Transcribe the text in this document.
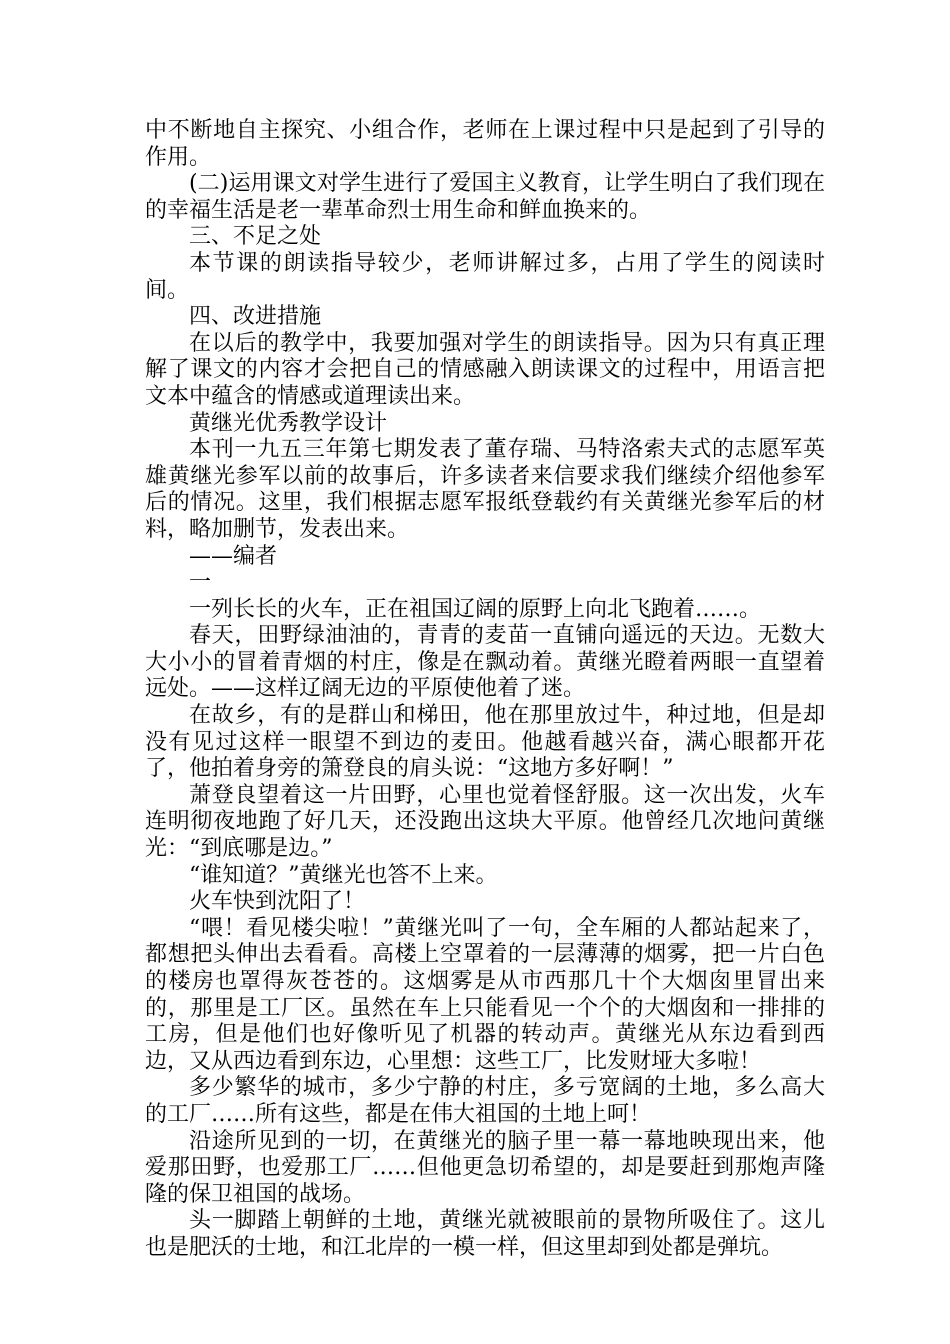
中不断地自主探究、小组合作，老师在上课过程中只是起到了引导的作用。

(二)运用课文对学生进行了爱国主义教育，让学生明白了我们现在的幸福生活是老一辈革命烈士用生命和鲜血换来的。

三、不足之处

本节课的朗读指导较少，老师讲解过多，占用了学生的阅读时间。

四、改进措施

在以后的教学中，我要加强对学生的朗读指导。因为只有真正理解了课文的内容才会把自己的情感融入朗读课文的过程中，用语言把文本中蕴含的情感或道理读出来。

黄继光优秀教学设计

本刊一九五三年第七期发表了董存瑞、马特洛索夫式的志愿军英雄黄继光参军以前的故事后，许多读者来信要求我们继续介绍他参军后的情况。这里，我们根据志愿军报纸登载约有关黄继光参军后的材料，略加删节，发表出来。

——编者

一

一列长长的火车，正在祖国辽阔的原野上向北飞跑着……。

春天，田野绿油油的，青青的麦苗一直铺向遥远的天边。无数大大小小的冒着青烟的村庄，像是在飘动着。黄继光瞪着两眼一直望着远处。——这样辽阔无边的平原使他着了迷。

在故乡，有的是群山和梯田，他在那里放过牛，种过地，但是却没有见过这样一眼望不到边的麦田。他越看越兴奋，满心眼都开花了，他拍着身旁的箫登良的肩头说：“这地方多好啊！”

萧登良望着这一片田野，心里也觉着怪舒服。这一次出发，火车连明彻夜地跑了好几天，还没跑出这块大平原。他曾经几次地问黄继光：“到底哪是边。”

“谁知道？”黄继光也答不上来。

火车快到沈阳了！

“喂！看见楼尖啦！”黄继光叫了一句，全车厢的人都站起来了，都想把头伸出去看看。高楼上空罩着的一层薄薄的烟雾，把一片白色的楼房也罩得灰苍苍的。这烟雾是从市西那几十个大烟囱里冒出来的，那里是工厂区。虽然在车上只能看见一个个的大烟囱和一排排的工房，但是他们也好像听见了机器的转动声。黄继光从东边看到西边，又从西边看到东边，心里想：这些工厂，比发财垭大多啦！

多少繁华的城市，多少宁静的村庄，多亏宽阔的土地，多么高大的工厂……所有这些，都是在伟大祖国的土地上呵！

沿途所见到的一切，在黄继光的脑子里一幕一幕地映现出来，他爱那田野，也爱那工厂……但他更急切希望的，却是要赶到那炮声隆隆的保卫祖国的战场。

头一脚踏上朝鲜的土地，黄继光就被眼前的景物所吸住了。这儿也是肥沃的士地，和江北岸的一模一样，但这里却到处都是弹坑。
